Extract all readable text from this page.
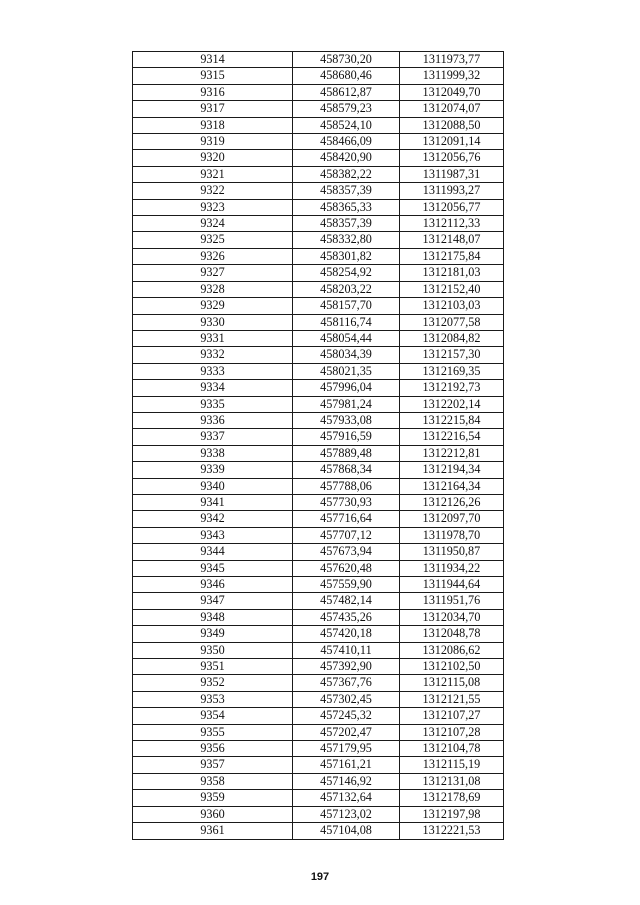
9314	458730,20	1311973,77
9315	458680,46	1311999,32
9316	458612,87	1312049,70
9317	458579,23	1312074,07
9318	458524,10	1312088,50
9319	458466,09	1312091,14
9320	458420,90	1312056,76
9321	458382,22	1311987,31
9322	458357,39	1311993,27
9323	458365,33	1312056,77
9324	458357,39	1312112,33
9325	458332,80	1312148,07
9326	458301,82	1312175,84
9327	458254,92	1312181,03
9328	458203,22	1312152,40
9329	458157,70	1312103,03
9330	458116,74	1312077,58
9331	458054,44	1312084,82
9332	458034,39	1312157,30
9333	458021,35	1312169,35
9334	457996,04	1312192,73
9335	457981,24	1312202,14
9336	457933,08	1312215,84
9337	457916,59	1312216,54
9338	457889,48	1312212,81
9339	457868,34	1312194,34
9340	457788,06	1312164,34
9341	457730,93	1312126,26
9342	457716,64	1312097,70
9343	457707,12	1311978,70
9344	457673,94	1311950,87
9345	457620,48	1311934,22
9346	457559,90	1311944,64
9347	457482,14	1311951,76
9348	457435,26	1312034,70
9349	457420,18	1312048,78
9350	457410,11	1312086,62
9351	457392,90	1312102,50
9352	457367,76	1312115,08
9353	457302,45	1312121,55
9354	457245,32	1312107,27
9355	457202,47	1312107,28
9356	457179,95	1312104,78
9357	457161,21	1312115,19
9358	457146,92	1312131,08
9359	457132,64	1312178,69
9360	457123,02	1312197,98
9361	457104,08	1312221,53
197
